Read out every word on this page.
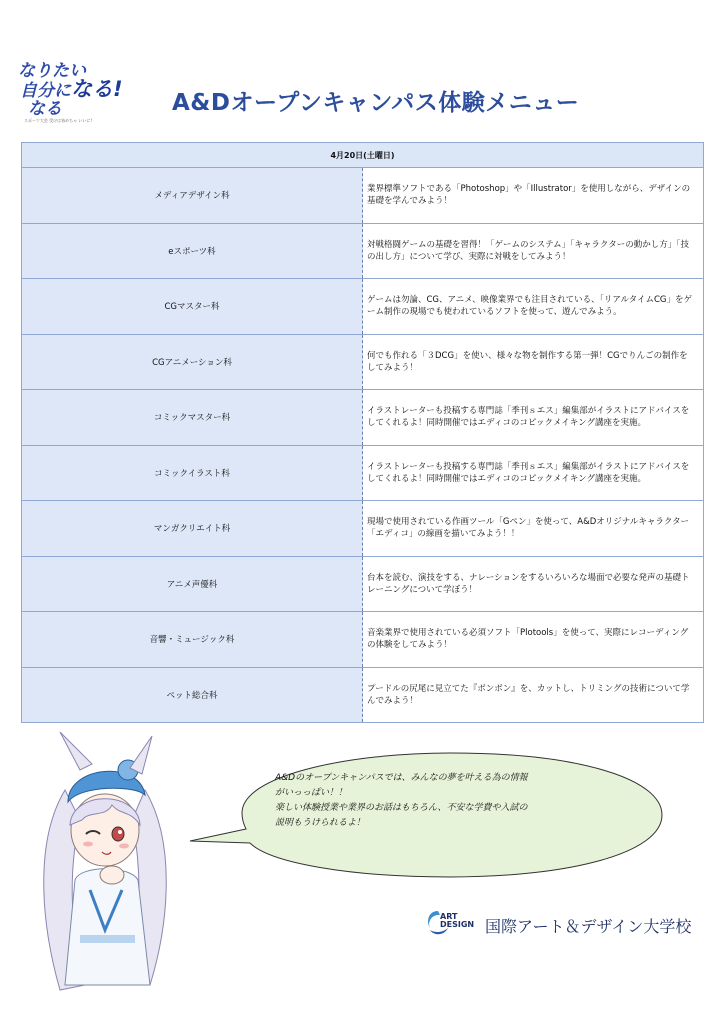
なりたい
自分になる!
なる
スポーツ大会 受けは皆めちゃ いいに!
A&Dオープンキャンパス体験メニュー
4月20日(土曜日)	
メディアデザイン科	業界標準ソフトである「Photoshop」や「Illustrator」を使用しながら、デザインの基礎を学んでみよう！
eスポーツ科	対戦格闘ゲームの基礎を習得！「ゲームのシステム」「キャラクターの動かし方」「技の出し方」について学び、実際に対戦をしてみよう！
CGマスター科	ゲームは勿論、CG、アニメ、映像業界でも注目されている、「リアルタイムCG」をゲーム制作の現場でも使われているソフトを使って、遊んでみよう。
CGアニメーション科	何でも作れる「３DCG」を使い、様々な物を制作する第一弾！CGでりんごの制作をしてみよう！
コミックマスター科	イラストレーターも投稿する専門誌「季刊ｓエス」編集部がイラストにアドバイスをしてくれるよ！同時開催ではエディコのコピックメイキング講座を実施。
コミックイラスト科	イラストレーターも投稿する専門誌「季刊ｓエス」編集部がイラストにアドバイスをしてくれるよ！同時開催ではエディコのコピックメイキング講座を実施。
マンガクリエイト科	現場で使用されている作画ツール「Gペン」を使って、A&Dオリジナルキャラクター「エディコ」の線画を描いてみよう！！
アニメ声優科	台本を読む、演技をする、ナレーションをするいろいろな場面で必要な発声の基礎トレーニングについて学ぼう！
音響・ミュージック科	音楽業界で使用されている必須ソフト「Plotools」を使って、実際にレコーディングの体験をしてみよう！
ペット総合科	プードルの尻尾に見立てた『ボンボン』を、カットし、トリミングの技術について学んでみよう！
A&Dのオープンキャンパスでは、みんなの夢を叶える為の情報
がいっっぱい！！
楽しい体験授業や業界のお話はもちろん、不安な学費や入試の
説明もうけられるよ！
ART
DESIGN 国際アート＆デザイン大学校
